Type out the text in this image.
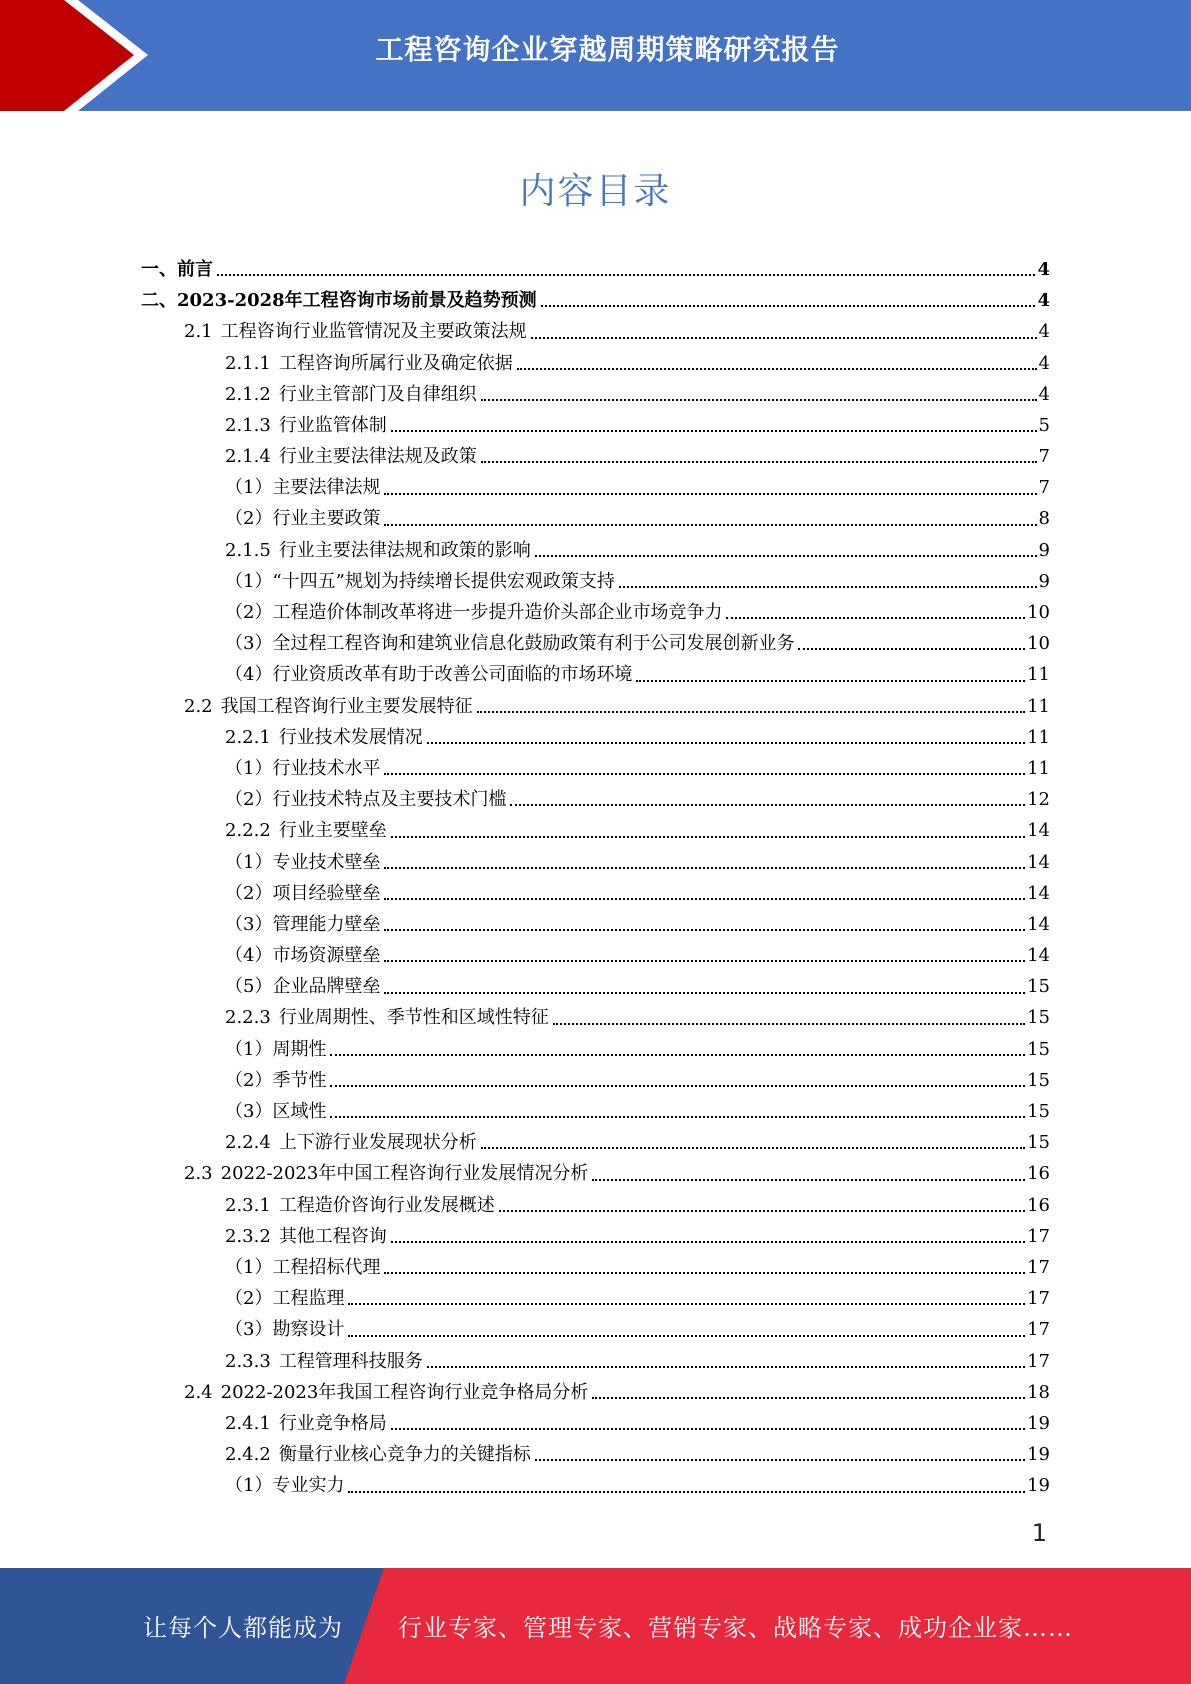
工程咨询企业穿越周期策略研究报告
内容目录
一、 前言	4
二、 2023-2028年工程咨询市场前景及趋势预测	4
2.1 工程咨询行业监管情况及主要政策法规	4
2.1.1 工程咨询所属行业及确定依据	4
2.1.2 行业主管部门及自律组织	4
2.1.3 行业监管体制	5
2.1.4 行业主要法律法规及政策	7
（1） 主要法律法规	7
（2） 行业主要政策	8
2.1.5 行业主要法律法规和政策的影响	9
（1） “十四五”规划为持续增长提供宏观政策支持	9
（2） 工程造价体制改革将进一步提升造价头部企业市场竞争力	10
（3） 全过程工程咨询和建筑业信息化鼓励政策有利于公司发展创新业务	10
（4） 行业资质改革有助于改善公司面临的市场环境	11
2.2 我国工程咨询行业主要发展特征	11
2.2.1 行业技术发展情况	11
（1） 行业技术水平	11
（2） 行业技术特点及主要技术门槛	12
2.2.2 行业主要壁垒	14
（1） 专业技术壁垒	14
（2） 项目经验壁垒	14
（3） 管理能力壁垒	14
（4） 市场资源壁垒	14
（5） 企业品牌壁垒	15
2.2.3 行业周期性、季节性和区域性特征	15
（1） 周期性	15
（2） 季节性	15
（3） 区域性	15
2.2.4 上下游行业发展现状分析	15
2.3 2022-2023年中国工程咨询行业发展情况分析	16
2.3.1 工程造价咨询行业发展概述	16
2.3.2 其他工程咨询	17
（1） 工程招标代理	17
（2） 工程监理	17
（3） 勘察设计	17
2.3.3 工程管理科技服务	17
2.4 2022-2023年我国工程咨询行业竞争格局分析	18
2.4.1 行业竞争格局	19
2.4.2 衡量行业核心竞争力的关键指标	19
（1） 专业实力	19
1
让每个人都能成为 行业专家、管理专家、营销专家、战略专家、成功企业家……
